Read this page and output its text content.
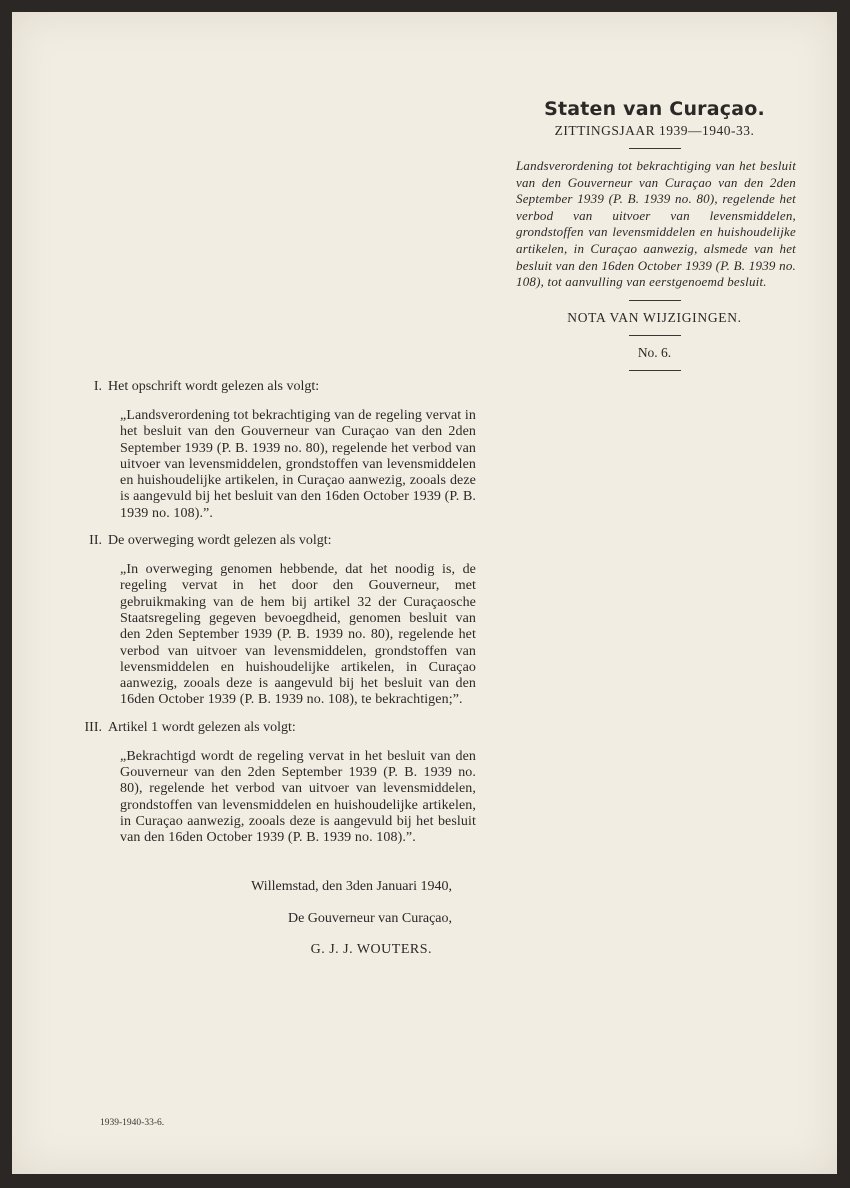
Staten van Curaçao.
ZITTINGSJAAR 1939—1940-33.

Landsverordening tot bekrachtiging van het besluit van den Gouverneur van Curaçao van den 2den September 1939 (P. B. 1939 no. 80), regelende het verbod van uitvoer van levensmiddelen, grondstoffen van levensmiddelen en huishoudelijke artikelen, in Curaçao aanwezig, alsmede van het besluit van den 16den October 1939 (P. B. 1939 no. 108), tot aanvulling van eerstgenoemd besluit.

NOTA VAN WIJZIGINGEN.
No. 6.

I. Het opschrift wordt gelezen als volgt:

„Landsverordening tot bekrachtiging van de regeling vervat in het besluit van den Gouverneur van Curaçao van den 2den September 1939 (P. B. 1939 no. 80), regelende het verbod van uitvoer van levensmiddelen, grondstoffen van levensmiddelen en huishoudelijke artikelen, in Curaçao aanwezig, zooals deze is aangevuld bij het besluit van den 16den October 1939 (P. B. 1939 no. 108).”.

II. De overweging wordt gelezen als volgt:

„In overweging genomen hebbende, dat het noodig is, de regeling vervat in het door den Gouverneur, met gebruikmaking van de hem bij artikel 32 der Curaçaosche Staatsregeling gegeven bevoegdheid, genomen besluit van den 2den September 1939 (P. B. 1939 no. 80), regelende het verbod van uitvoer van levensmiddelen, grondstoffen van levensmiddelen en huishoudelijke artikelen, in Curaçao aanwezig, zooals deze is aangevuld bij het besluit van den 16den October 1939 (P. B. 1939 no. 108), te bekrachtigen;”.

III. Artikel 1 wordt gelezen als volgt:

„Bekrachtigd wordt de regeling vervat in het besluit van den Gouverneur van den 2den September 1939 (P. B. 1939 no. 80), regelende het verbod van uitvoer van levensmiddelen, grondstoffen van levensmiddelen en huishoudelijke artikelen, in Curaçao aanwezig, zooals deze is aangevuld bij het besluit van den 16den October 1939 (P. B. 1939 no. 108).”.

Willemstad, den 3den Januari 1940,
De Gouverneur van Curaçao,
G. J. J. WOUTERS.
1939-1940-33-6.
